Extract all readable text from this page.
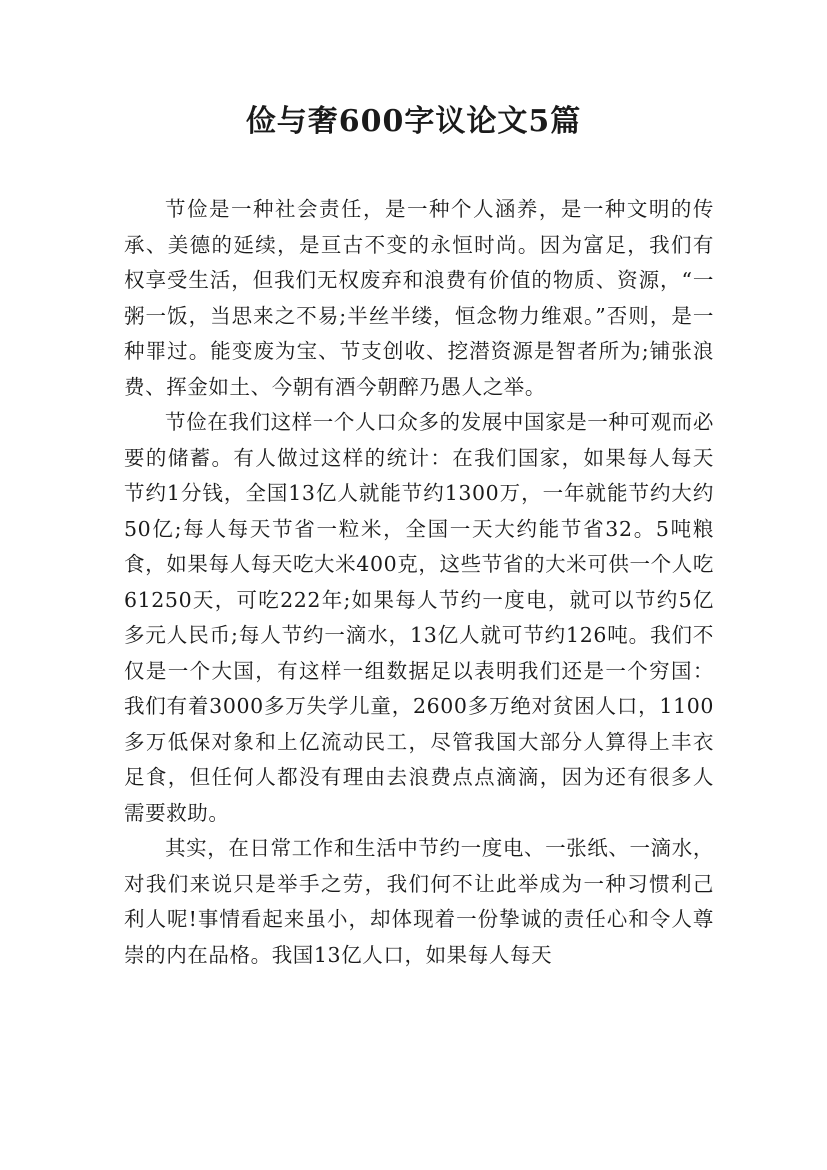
俭与奢600字议论文5篇

节俭是一种社会责任，是一种个人涵养，是一种文明的传承、美德的延续，是亘古不变的永恒时尚。因为富足，我们有权享受生活，但我们无权废弃和浪费有价值的物质、资源，“一粥一饭，当思来之不易;半丝半缕，恒念物力维艰。”否则，是一种罪过。能变废为宝、节支创收、挖潜资源是智者所为;铺张浪费、挥金如土、今朝有酒今朝醉乃愚人之举。

节俭在我们这样一个人口众多的发展中国家是一种可观而必要的储蓄。有人做过这样的统计：在我们国家，如果每人每天节约1分钱，全国13亿人就能节约1300万，一年就能节约大约50亿;每人每天节省一粒米，全国一天大约能节省32。5吨粮食，如果每人每天吃大米400克，这些节省的大米可供一个人吃61250天，可吃222年;如果每人节约一度电，就可以节约5亿多元人民币;每人节约一滴水，13亿人就可节约126吨。我们不仅是一个大国，有这样一组数据足以表明我们还是一个穷国：我们有着3000多万失学儿童，2600多万绝对贫困人口，1100多万低保对象和上亿流动民工，尽管我国大部分人算得上丰衣足食，但任何人都没有理由去浪费点点滴滴，因为还有很多人需要救助。

其实，在日常工作和生活中节约一度电、一张纸、一滴水，对我们来说只是举手之劳，我们何不让此举成为一种习惯利己利人呢!事情看起来虽小，却体现着一份挚诚的责任心和令人尊崇的内在品格。我国13亿人口，如果每人每天
